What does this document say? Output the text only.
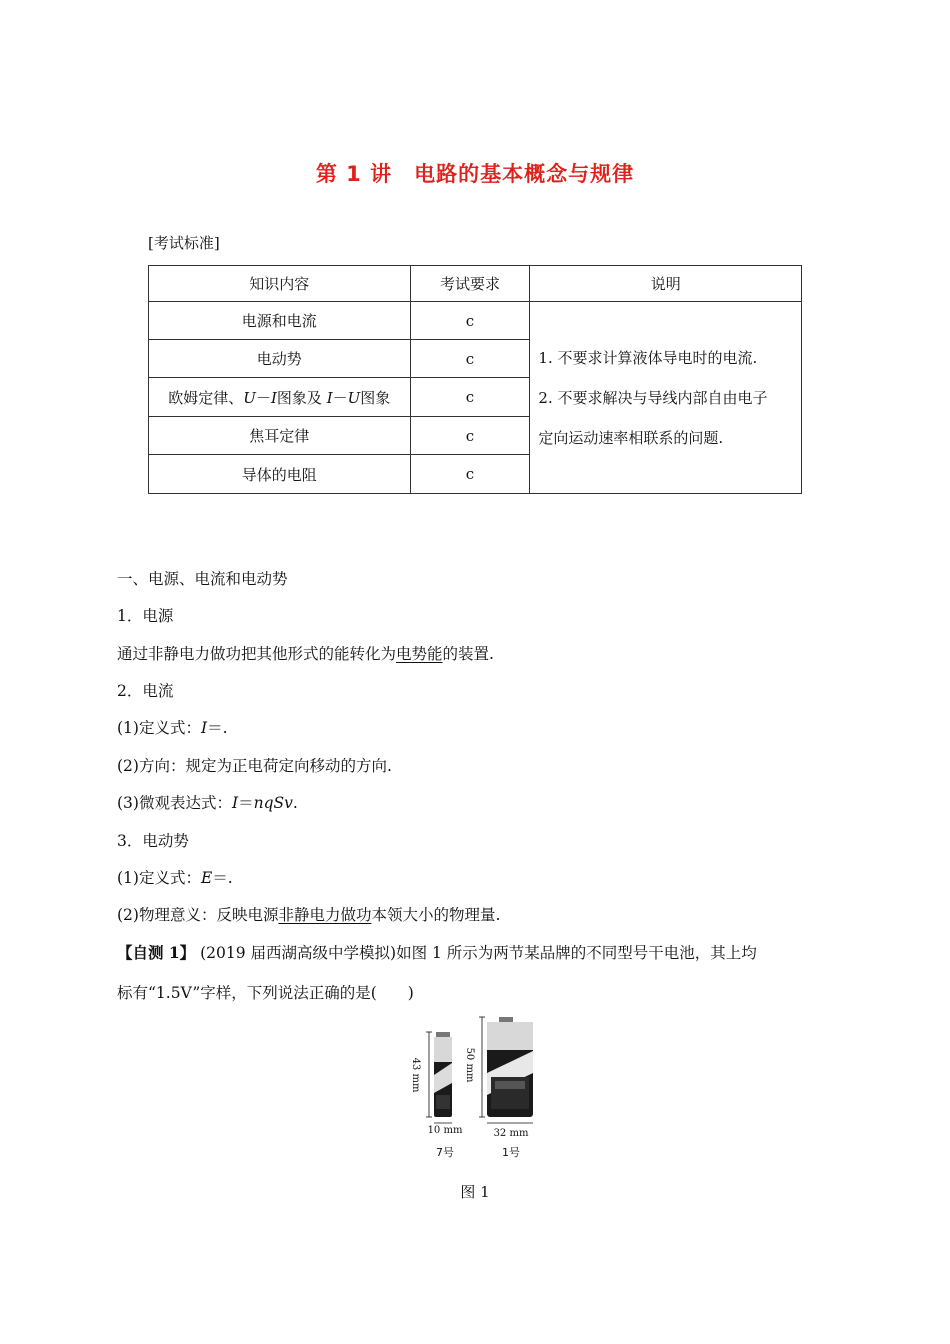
第 1 讲　电路的基本概念与规律
[考试标准]
知识内容	考试要求	说明
电源和电流	c	1. 不要求计算液体导电时的电流.
2. 不要求解决与导线内部自由电子
定向运动速率相联系的问题.

电动势	c	
欧姆定律、U－I图象及 I－U图象	c	
焦耳定律	c	
导体的电阻	c	
一、电源、电流和电动势
1．电源
通过非静电力做功把其他形式的能转化为电势能的装置.
2．电流
(1)定义式：I＝.
(2)方向：规定为正电荷定向移动的方向.
(3)微观表达式：I＝nqSv.
3．电动势
(1)定义式：E＝.
(2)物理意义：反映电源非静电力做功本领大小的物理量.
【自测 1】 (2019 届西湖高级中学模拟)如图 1 所示为两节某品牌的不同型号干电池，其上均
标有“1.5V”字样，下列说法正确的是(　　)
43 mm
10 mm
7号
50 mm
32 mm
1号
图 1
